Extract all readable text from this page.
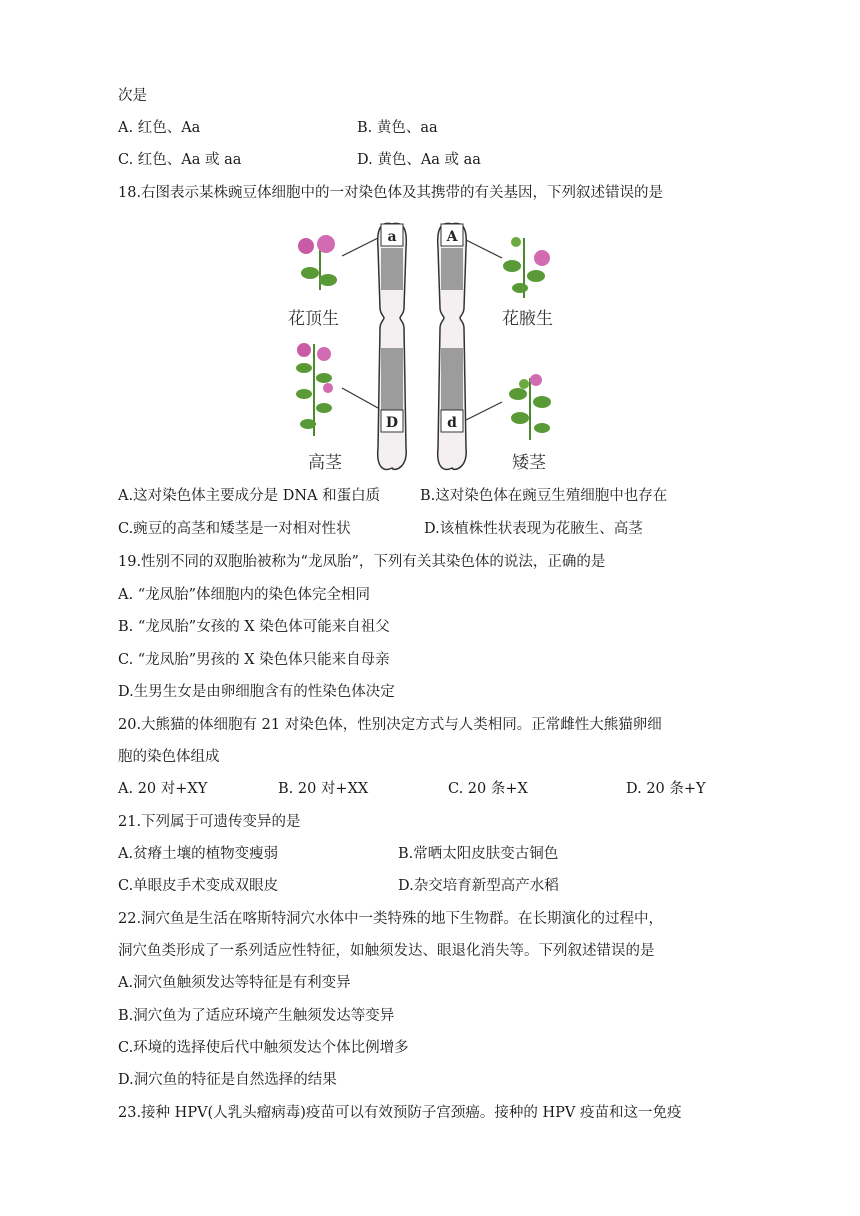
次是
A. 红色、Aa	B. 黄色、aa
C. 红色、Aa 或 aa	D. 黄色、Aa 或 aa
18.右图表示某株豌豆体细胞中的一对染色体及其携带的有关基因，下列叙述错误的是
a
D
A
d
花顶生	花腋生
高茎	矮茎
A.这对染色体主要成分是 DNA 和蛋白质	B.这对染色体在豌豆生殖细胞中也存在
C.豌豆的高茎和矮茎是一对相对性状	D.该植株性状表现为花腋生、高茎
19.性别不同的双胞胎被称为“龙凤胎”，下列有关其染色体的说法，正确的是
A. “龙凤胎”体细胞内的染色体完全相同
B. “龙凤胎”女孩的 X 染色体可能来自祖父
C. “龙凤胎”男孩的 X 染色体只能来自母亲
D.生男生女是由卵细胞含有的性染色体决定
20.大熊猫的体细胞有 21 对染色体，性别决定方式与人类相同。正常雌性大熊猫卵细
胞的染色体组成
A. 20 对+XY	B. 20 对+XX	C. 20 条+X	D. 20 条+Y
21.下列属于可遗传变异的是
A.贫瘠土壤的植物变瘦弱	B.常晒太阳皮肤变古铜色
C.单眼皮手术变成双眼皮	D.杂交培育新型高产水稻
22.洞穴鱼是生活在喀斯特洞穴水体中一类特殊的地下生物群。在长期演化的过程中，
洞穴鱼类形成了一系列适应性特征，如触须发达、眼退化消失等。下列叙述错误的是
A.洞穴鱼触须发达等特征是有利变异
B.洞穴鱼为了适应环境产生触须发达等变异
C.环境的选择使后代中触须发达个体比例增多
D.洞穴鱼的特征是自然选择的结果
23.接种 HPV(人乳头瘤病毒)疫苗可以有效预防子宫颈癌。接种的 HPV 疫苗和这一免疫
